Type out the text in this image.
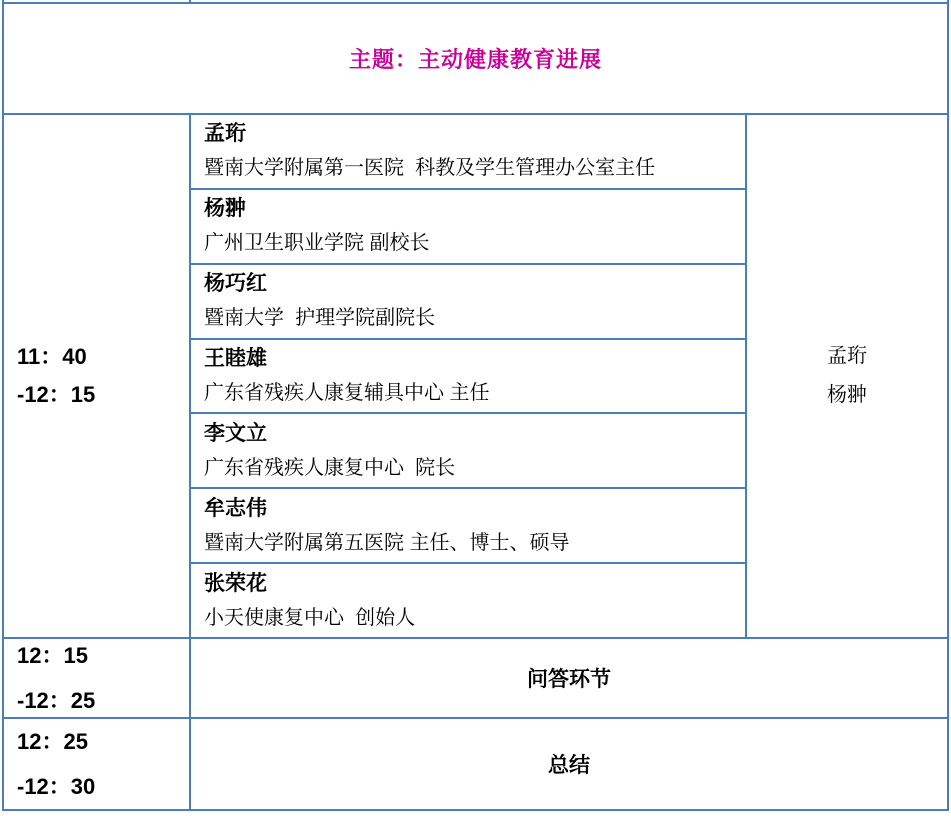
主题：主动健康教育进展
11：40
-12：15
孟珩
暨南大学附属第一医院  科教及学生管理办公室主任
杨翀
广州卫生职业学院 副校长
杨巧红
暨南大学  护理学院副院长
王睦雄
广东省残疾人康复辅具中心 主任
李文立
广东省残疾人康复中心  院长
牟志伟
暨南大学附属第五医院 主任、博士、硕导
张荣花
小天使康复中心  创始人
孟珩
杨翀
12：15
-12：25
问答环节
12：25
-12：30
总结
